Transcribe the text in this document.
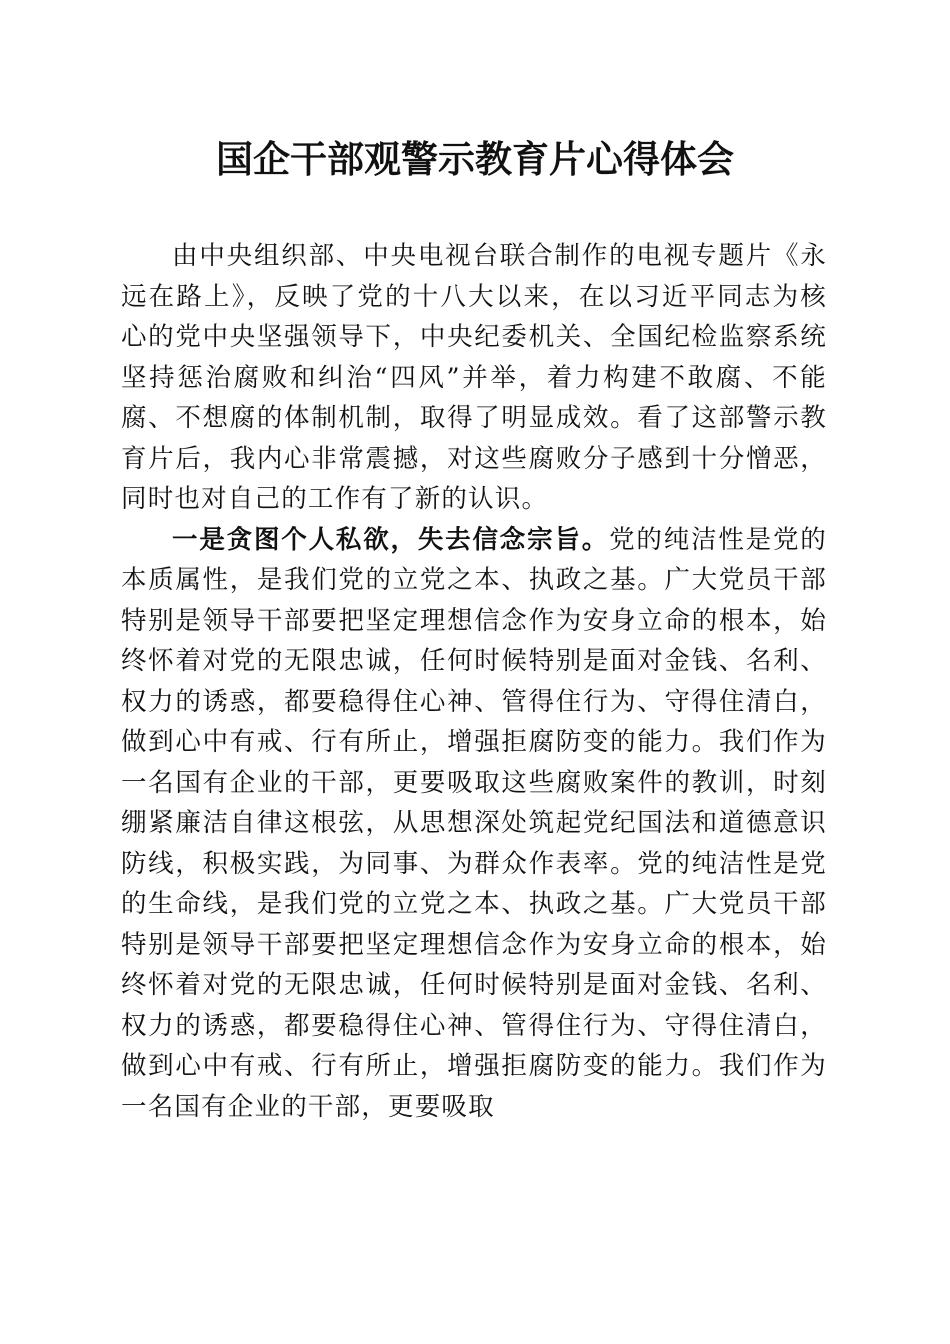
国企干部观警示教育片心得体会

由中央组织部、中央电视台联合制作的电视专题片《永远在路上》，反映了党的十八大以来，在以习近平同志为核心的党中央坚强领导下，中央纪委机关、全国纪检监察系统坚持惩治腐败和纠治“四风”并举，着力构建不敢腐、不能腐、不想腐的体制机制，取得了明显成效。看了这部警示教育片后，我内心非常震撼，对这些腐败分子感到十分憎恶，同时也对自己的工作有了新的认识。

一是贪图个人私欲，失去信念宗旨。党的纯洁性是党的本质属性，是我们党的立党之本、执政之基。广大党员干部特别是领导干部要把坚定理想信念作为安身立命的根本，始终怀着对党的无限忠诚，任何时候特别是面对金钱、名利、权力的诱惑，都要稳得住心神、管得住行为、守得住清白，做到心中有戒、行有所止，增强拒腐防变的能力。我们作为一名国有企业的干部，更要吸取这些腐败案件的教训，时刻绷紧廉洁自律这根弦，从思想深处筑起党纪国法和道德意识防线，积极实践，为同事、为群众作表率。党的纯洁性是党的生命线，是我们党的立党之本、执政之基。广大党员干部特别是领导干部要把坚定理想信念作为安身立命的根本，始终怀着对党的无限忠诚，任何时候特别是面对金钱、名利、权力的诱惑，都要稳得住心神、管得住行为、守得住清白，做到心中有戒、行有所止，增强拒腐防变的能力。我们作为一名国有企业的干部，更要吸取
